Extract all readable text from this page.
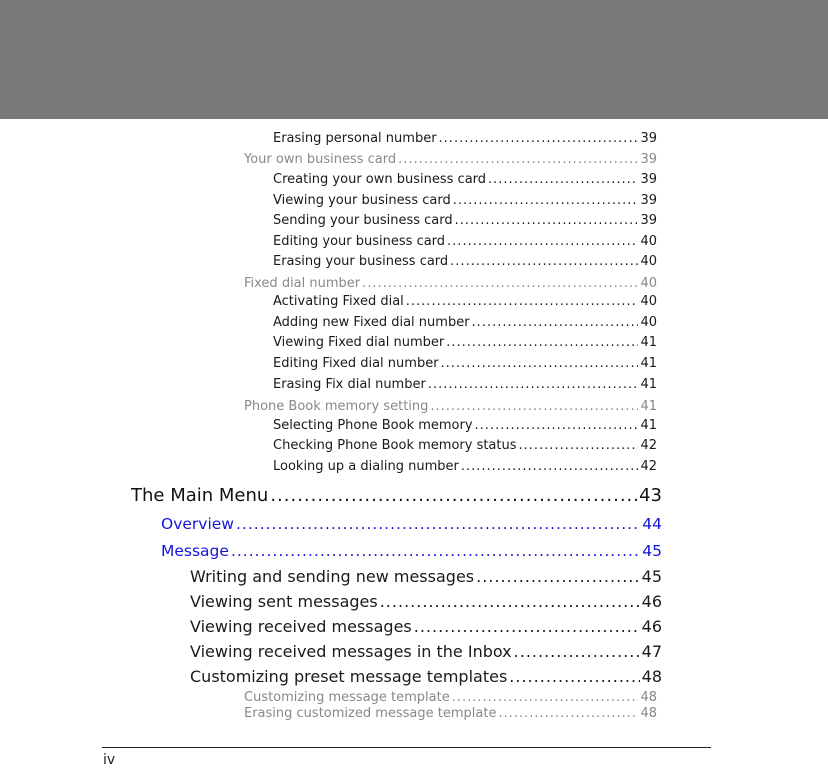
Erasing personal number .....	39
Your own business card .....	39
Creating your own business card .....	39
Viewing your business card .....	39
Sending your business card .....	39
Editing your business card .....	40
Erasing your business card .....	40
Fixed dial number .....	40
Activating Fixed dial .....	40
Adding new Fixed dial number .....	40
Viewing Fixed dial number .....	41
Editing Fixed dial number .....	41
Erasing Fix dial number .....	41
Phone Book memory setting .....	41
Selecting Phone Book memory .....	41
Checking Phone Book memory status .....	42
Looking up a dialing number .....	42
The Main Menu .....	43
Overview .....	44
Message .....	45
Writing and sending new messages .....	45
Viewing sent messages .....	46
Viewing received messages .....	46
Viewing received messages in the Inbox .....	47
Customizing preset message templates .....	48
Customizing message template .....	48
Erasing customized message template .....	48
iv
